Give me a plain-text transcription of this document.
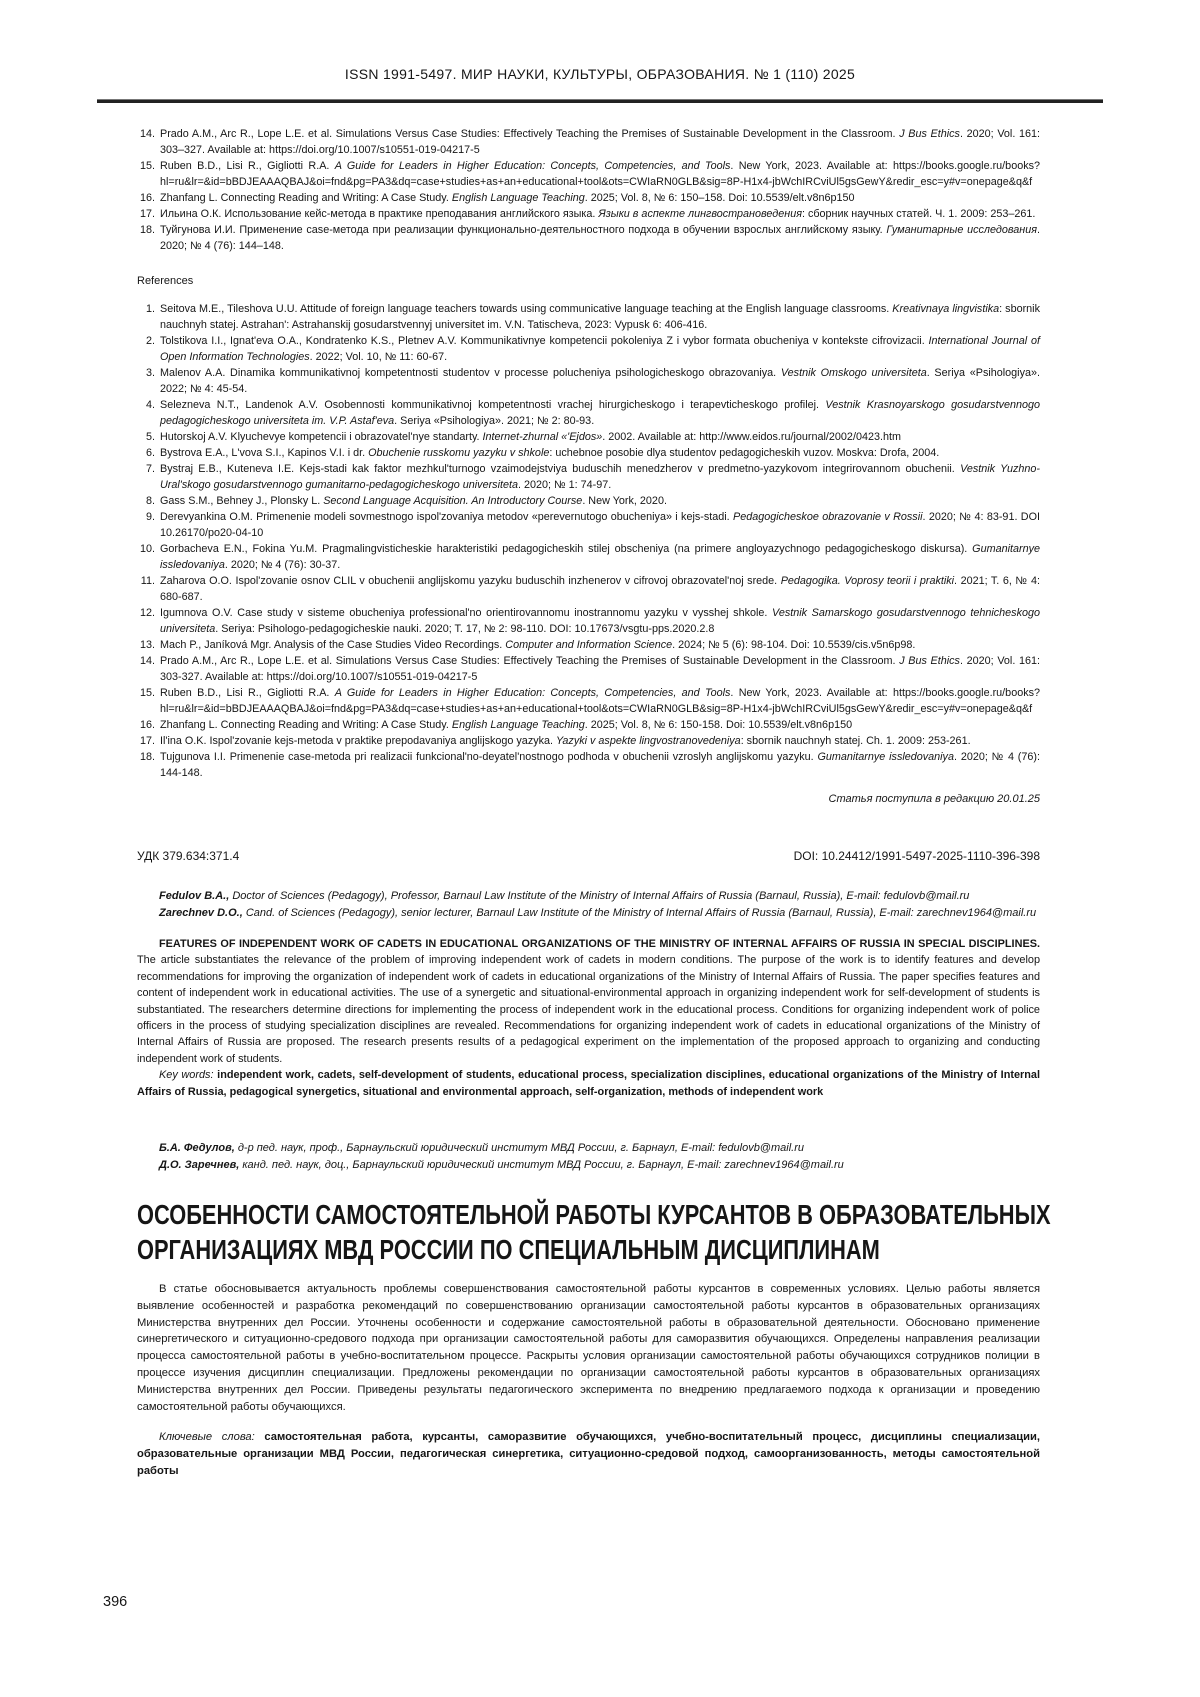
ISSN 1991-5497. МИР НАУКИ, КУЛЬТУРЫ, ОБРАЗОВАНИЯ. № 1 (110) 2025
14. Prado A.M., Arc R., Lope L.E. et al. Simulations Versus Case Studies: Effectively Teaching the Premises of Sustainable Development in the Classroom. J Bus Ethics. 2020; Vol. 161: 303–327. Available at: https://doi.org/10.1007/s10551-019-04217-5
15. Ruben B.D., Lisi R., Gigliotti R.A. A Guide for Leaders in Higher Education: Concepts, Competencies, and Tools. New York, 2023. Available at: https://books.google.ru/books?hl=ru&lr=&id=bBDJEAAAQBAJ&oi=fnd&pg=PA3&dq=case+studies+as+an+educational+tool&ots=CWIaRN0GLB&sig=8P-H1x4-jbWchIRCviUl5gsGewY&redir_esc=y#v=onepage&q&f
16. Zhanfang L. Connecting Reading and Writing: A Case Study. English Language Teaching. 2025; Vol. 8, № 6: 150–158. Doi: 10.5539/elt.v8n6p150
17. Ильина О.К. Использование кейс-метода в практике преподавания английского языка. Языки в аспекте лингвострановедения: сборник научных статей. Ч. 1. 2009: 253–261.
18. Туйгунова И.И. Применение case-метода при реализации функционально-деятельностного подхода в обучении взрослых английскому языку. Гуманитарные исследования. 2020; № 4 (76): 144–148.
References
1. Seitova M.E., Tileshova U.U. Attitude of foreign language teachers towards using communicative language teaching at the English language classrooms. Kreativnaya lingvistika: sbornik nauchnyh statej. Astrahan': Astrahanskij gosudarstvennyj universitet im. V.N. Tatischeva, 2023: Vypusk 6: 406-416.
2. Tolstikova I.I., Ignat'eva O.A., Kondratenko K.S., Pletnev A.V. Kommunikativnye kompetencii pokoleniya Z i vybor formata obucheniya v kontekste cifrovizacii. International Journal of Open Information Technologies. 2022; Vol. 10, № 11: 60-67.
3. Malenov A.A. Dinamika kommunikativnoj kompetentnosti studentov v processe polucheniya psihologicheskogo obrazovaniya. Vestnik Omskogo universiteta. Seriya «Psihologiya». 2022; № 4: 45-54.
4. Selezneva N.T., Landenok A.V. Osobennosti kommunikativnoj kompetentnosti vrachej hirurgicheskogo i terapevticheskogo profilej. Vestnik Krasnoyarskogo gosudarstvennogo pedagogicheskogo universiteta im. V.P. Astaf'eva. Seriya «Psihologiya». 2021; № 2: 80-93.
5. Hutorskoj A.V. Klyuchevye kompetencii i obrazovatel'nye standarty. Internet-zhurnal «'Ejdos». 2002. Available at: http://www.eidos.ru/journal/2002/0423.htm
6. Bystrova E.A., L'vova S.I., Kapinos V.I. i dr. Obuchenie russkomu yazyku v shkole: uchebnoe posobie dlya studentov pedagogicheskih vuzov. Moskva: Drofa, 2004.
7. Bystraj E.B., Kuteneva I.E. Kejs-stadi kak faktor mezhkul'turnogo vzaimodejstviya buduschih menedzherov v predmetno-yazykovom integrirovannom obuchenii. Vestnik Yuzhno-Ural'skogo gosudarstvennogo gumanitarno-pedagogicheskogo universiteta. 2020; № 1: 74-97.
8. Gass S.M., Behney J., Plonsky L. Second Language Acquisition. An Introductory Course. New York, 2020.
9. Derevyankina O.M. Primenenie modeli sovmestnogo ispol'zovaniya metodov «perevernutogo obucheniya» i kejs-stadi. Pedagogicheskoe obrazovanie v Rossii. 2020; № 4: 83-91. DOI 10.26170/po20-04-10
10. Gorbacheva E.N., Fokina Yu.M. Pragmalingvisticheskie harakteristiki pedagogicheskih stilej obscheniya (na primere angloyazychnogo pedagogicheskogo diskursa). Gumanitarnye issledovaniya. 2020; № 4 (76): 30-37.
11. Zaharova O.O. Ispol'zovanie osnov CLIL v obuchenii anglijskomu yazyku buduschih inzhenerov v cifrovoj obrazovatel'noj srede. Pedagogika. Voprosy teorii i praktiki. 2021; T. 6, № 4: 680-687.
12. Igumnova O.V. Case study v sisteme obucheniya professional'no orientirovannomu inostrannomu yazyku v vysshej shkole. Vestnik Samarskogo gosudarstvennogo tehnicheskogo universiteta. Seriya: Psihologo-pedagogicheskie nauki. 2020; T. 17, № 2: 98-110. DOI: 10.17673/vsgtu-pps.2020.2.8
13. Mach P., Janíková Mgr. Analysis of the Case Studies Video Recordings. Computer and Information Science. 2024; № 5 (6): 98-104. Doi: 10.5539/cis.v5n6p98.
14. Prado A.M., Arc R., Lope L.E. et al. Simulations Versus Case Studies: Effectively Teaching the Premises of Sustainable Development in the Classroom. J Bus Ethics. 2020; Vol. 161: 303-327. Available at: https://doi.org/10.1007/s10551-019-04217-5
15. Ruben B.D., Lisi R., Gigliotti R.A. A Guide for Leaders in Higher Education: Concepts, Competencies, and Tools. New York, 2023. Available at: https://books.google.ru/books?hl=ru&lr=&id=bBDJEAAAQBAJ&oi=fnd&pg=PA3&dq=case+studies+as+an+educational+tool&ots=CWIaRN0GLB&sig=8P-H1x4-jbWchIRCviUl5gsGewY&redir_esc=y#v=onepage&q&f
16. Zhanfang L. Connecting Reading and Writing: A Case Study. English Language Teaching. 2025; Vol. 8, № 6: 150-158. Doi: 10.5539/elt.v8n6p150
17. Il'ina O.K. Ispol'zovanie kejs-metoda v praktike prepodavaniya anglijskogo yazyka. Yazyki v aspekte lingvostranovedeniya: sbornik nauchnyh statej. Ch. 1. 2009: 253-261.
18. Tujgunova I.I. Primenenie case-metoda pri realizacii funkcional'no-deyatel'nostnogo podhoda v obuchenii vzroslyh anglijskomu yazyku. Gumanitarnye issledovaniya. 2020; № 4 (76): 144-148.
Статья поступила в редакцию 20.01.25
УДК 379.634:371.4	DOI: 10.24412/1991-5497-2025-1110-396-398

Fedulov B.A., Doctor of Sciences (Pedagogy), Professor, Barnaul Law Institute of the Ministry of Internal Affairs of Russia (Barnaul, Russia), E-mail: fedulovb@mail.ru

Zarechnev D.O., Cand. of Sciences (Pedagogy), senior lecturer, Barnaul Law Institute of the Ministry of Internal Affairs of Russia (Barnaul, Russia), E-mail: zarechnev1964@mail.ru

FEATURES OF INDEPENDENT WORK OF CADETS IN EDUCATIONAL ORGANIZATIONS OF THE MINISTRY OF INTERNAL AFFAIRS OF RUSSIA IN SPECIAL DISCIPLINES. The article substantiates the relevance of the problem of improving independent work of cadets in modern conditions. The purpose of the work is to identify features and develop recommendations for improving the organization of independent work of cadets in educational organizations of the Ministry of Internal Affairs of Russia. The paper specifies features and content of independent work in educational activities. The use of a synergetic and situational-environmental approach in organizing independent work for self-development of students is substantiated. The researchers determine directions for implementing the process of independent work in the educational process. Conditions for organizing independent work of police officers in the process of studying specialization disciplines are revealed. Recommendations for organizing independent work of cadets in educational organizations of the Ministry of Internal Affairs of Russia are proposed. The research presents results of a pedagogical experiment on the implementation of the proposed approach to organizing and conducting independent work of students.

Key words: independent work, cadets, self-development of students, educational process, specialization disciplines, educational organizations of the Ministry of Internal Affairs of Russia, pedagogical synergetics, situational and environmental approach, self-organization, methods of independent work

Б.А. Федулов, д-р пед. наук, проф., Барнаульский юридический институт МВД России, г. Барнаул, E-mail: fedulovb@mail.ru

Д.О. Заречнев, канд. пед. наук, доц., Барнаульский юридический институт МВД России, г. Барнаул, E-mail: zarechnev1964@mail.ru

ОСОБЕННОСТИ САМОСТОЯТЕЛЬНОЙ РАБОТЫ КУРСАНТОВ В ОБРАЗОВАТЕЛЬНЫХ
ОРГАНИЗАЦИЯХ МВД РОССИИ ПО СПЕЦИАЛЬНЫМ ДИСЦИПЛИНАМ

В статье обосновывается актуальность проблемы совершенствования самостоятельной работы курсантов в современных условиях. Целью работы является выявление особенностей и разработка рекомендаций по совершенствованию организации самостоятельной работы курсантов в образовательных организациях Министерства внутренних дел России. Уточнены особенности и содержание самостоятельной работы в образовательной деятельности. Обосновано применение синергетического и ситуационно-средового подхода при организации самостоятельной работы для саморазвития обучающихся. Определены направления реализации процесса самостоятельной работы в учебно-воспитательном процессе. Раскрыты условия организации самостоятельной работы обучающихся сотрудников полиции в процессе изучения дисциплин специализации. Предложены рекомендации по организации самостоятельной работы курсантов в образовательных организациях Министерства внутренних дел России. Приведены результаты педагогического эксперимента по внедрению предлагаемого подхода к организации и проведению самостоятельной работы обучающихся.

Ключевые слова: самостоятельная работа, курсанты, саморазвитие обучающихся, учебно-воспитательный процесс, дисциплины специализации, образовательные организации МВД России, педагогическая синергетика, ситуационно-средовой подход, самоорганизованность, методы самостоятельной работы

396
